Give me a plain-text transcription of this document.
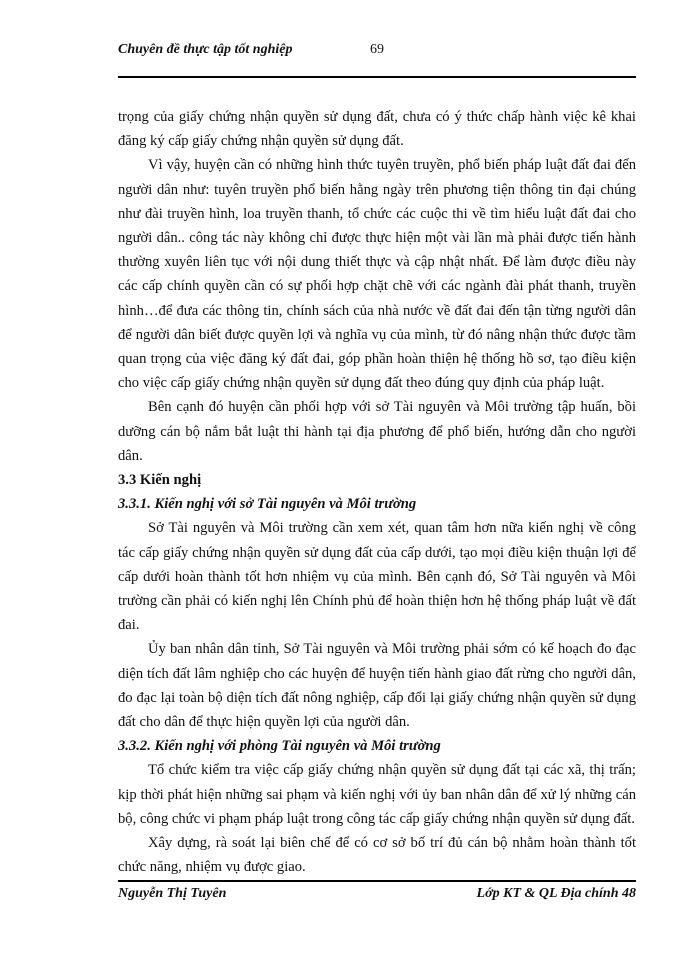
Chuyên đề thực tập tốt nghiệp	69

trọng của giấy chứng nhận quyền sử dụng đất, chưa có ý thức chấp hành việc kê khai đăng ký cấp giấy chứng nhận quyền sử dụng đất.

Vì vậy, huyện cần có những hình thức tuyên truyền, phổ biến pháp luật đất đai đến người dân như: tuyên truyền phổ biến hằng ngày trên phương tiện thông tin đại chúng như đài truyền hình, loa truyền thanh, tổ chức các cuộc thi về tìm hiểu luật đất đai cho người dân.. công tác này không chỉ được thực hiện một vài lần mà phải được tiến hành thường xuyên liên tục với nội dung thiết thực và cập nhật nhất. Để làm được điều này các cấp chính quyền cần có sự phối hợp chặt chẽ với các ngành đài phát thanh, truyền hình…để đưa các thông tin, chính sách của nhà nước về đất đai đến tận từng người dân để người dân biết được quyền lợi và nghĩa vụ của mình, từ đó nâng nhận thức được tầm quan trọng của việc đăng ký đất đai, góp phần hoàn thiện hệ thống hồ sơ, tạo điều kiện cho việc cấp giấy chứng nhận quyền sử dụng đất theo đúng quy định của pháp luật.

Bên cạnh đó huyện cần phối hợp với sở Tài nguyên và Môi trường tập huấn, bồi dưỡng cán bộ nắm bắt luật thi hành tại địa phương để phổ biến, hướng dẫn cho người dân.

3.3 Kiến nghị

3.3.1. Kiến nghị với sở Tài nguyên và Môi trường

Sở Tài nguyên và Môi trường cần xem xét, quan tâm hơn nữa kiến nghị về công tác cấp giấy chứng nhận quyền sử dụng đất của cấp dưới, tạo mọi điều kiện thuận lợi để cấp dưới hoàn thành tốt hơn nhiệm vụ của mình. Bên cạnh đó, Sở Tài nguyên và Môi trường cần phải có kiến nghị lên Chính phủ để hoàn thiện hơn hệ thống pháp luật về đất đai.

Ủy ban nhân dân tỉnh, Sở Tài nguyên và Môi trường phải sớm có kế hoạch đo đạc diện tích đất lâm nghiệp cho các huyện để huyện tiến hành giao đất rừng cho người dân, đo đạc lại toàn bộ diện tích đất nông nghiệp, cấp đổi lại giấy chứng nhận quyền sử dụng đất cho dân để thực hiện quyền lợi của người dân.

3.3.2. Kiến nghị với phòng Tài nguyên và Môi trường

Tổ chức kiểm tra việc cấp giấy chứng nhận quyền sử dụng đất tại các xã, thị trấn; kịp thời phát hiện những sai phạm và kiến nghị với ủy ban nhân dân để xử lý những cán bộ, công chức vi phạm pháp luật trong công tác cấp giấy chứng nhận quyền sử dụng đất.

Xây dựng, rà soát lại biên chế để có cơ sở bố trí đủ cán bộ nhằm hoàn thành tốt chức năng, nhiệm vụ được giao.

Nguyễn Thị Tuyên	Lớp KT & QL Địa chính 48
